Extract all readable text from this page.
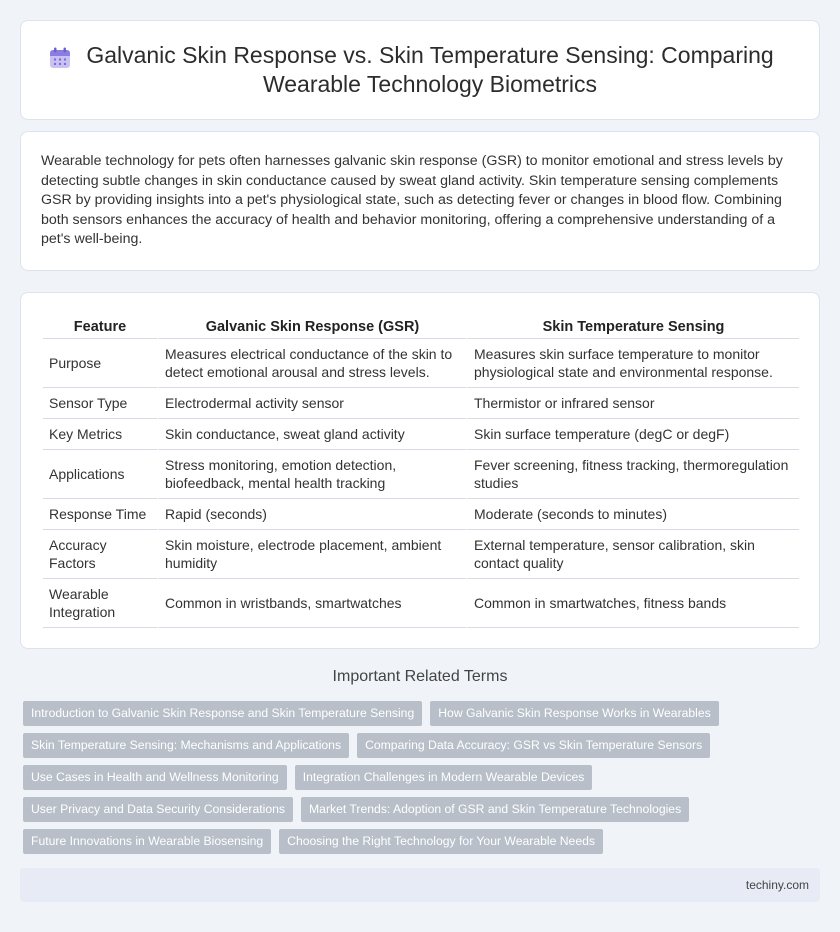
Galvanic Skin Response vs. Skin Temperature Sensing: Comparing Wearable Technology Biometrics

Wearable technology for pets often harnesses galvanic skin response (GSR) to monitor emotional and stress levels by detecting subtle changes in skin conductance caused by sweat gland activity. Skin temperature sensing complements GSR by providing insights into a pet's physiological state, such as detecting fever or changes in blood flow. Combining both sensors enhances the accuracy of health and behavior monitoring, offering a comprehensive understanding of a pet's well-being.

Feature	Galvanic Skin Response (GSR)	Skin Temperature Sensing
Purpose	Measures electrical conductance of the skin to detect emotional arousal and stress levels.	Measures skin surface temperature to monitor physiological state and environmental response.
Sensor Type	Electrodermal activity sensor	Thermistor or infrared sensor
Key Metrics	Skin conductance, sweat gland activity	Skin surface temperature (degC or degF)
Applications	Stress monitoring, emotion detection, biofeedback, mental health tracking	Fever screening, fitness tracking, thermoregulation studies
Response Time	Rapid (seconds)	Moderate (seconds to minutes)
Accuracy Factors	Skin moisture, electrode placement, ambient humidity	External temperature, sensor calibration, skin contact quality
Wearable Integration	Common in wristbands, smartwatches	Common in smartwatches, fitness bands
Important Related Terms
Introduction to Galvanic Skin Response and Skin Temperature Sensing	How Galvanic Skin Response Works in Wearables
Skin Temperature Sensing: Mechanisms and Applications	Comparing Data Accuracy: GSR vs Skin Temperature Sensors
Use Cases in Health and Wellness Monitoring	Integration Challenges in Modern Wearable Devices
User Privacy and Data Security Considerations	Market Trends: Adoption of GSR and Skin Temperature Technologies
Future Innovations in Wearable Biosensing	Choosing the Right Technology for Your Wearable Needs
techiny.com
